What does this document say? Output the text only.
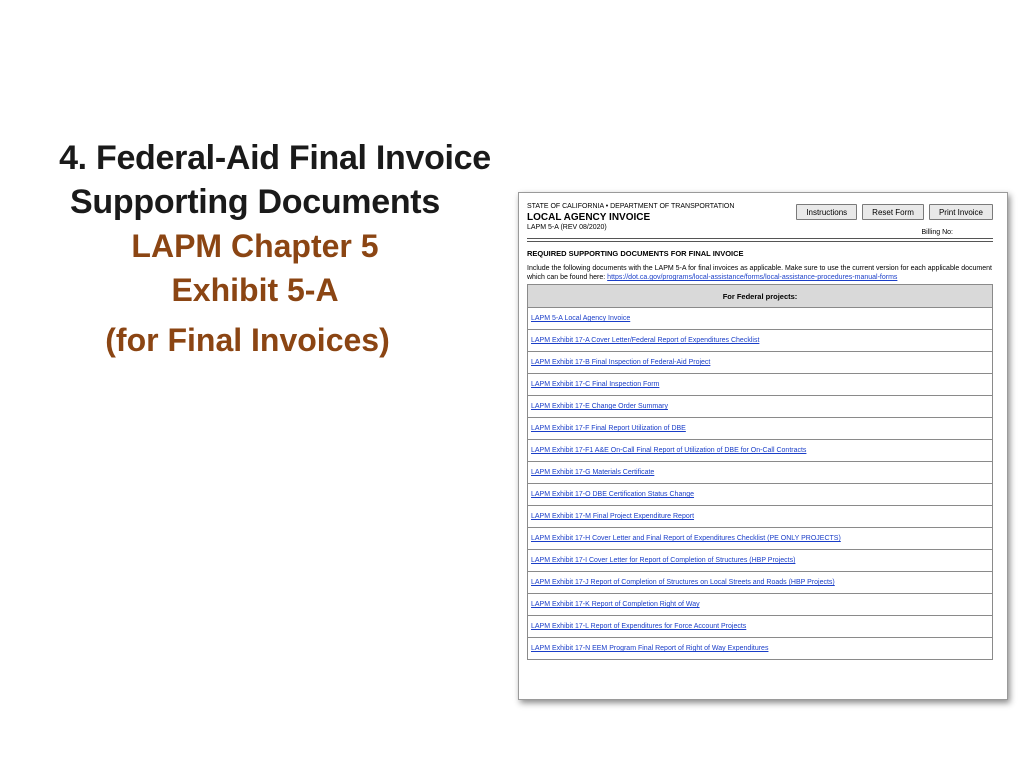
4. Federal-Aid Final Invoice
Supporting Documents
LAPM Chapter 5
Exhibit 5-A
(for Final Invoices)
STATE OF CALIFORNIA • DEPARTMENT OF TRANSPORTATION
LOCAL AGENCY INVOICE
LAPM 5-A (REV 08/2020)
Instructions	Reset Form	Print Invoice
Billing No:
REQUIRED SUPPORTING DOCUMENTS FOR FINAL INVOICE
Include the following documents with the LAPM 5-A for final invoices as applicable. Make sure to use the current version for each applicable document which can be found here: https://dot.ca.gov/programs/local-assistance/forms/local-assistance-procedures-manual-forms
For Federal projects:
LAPM 5-A Local Agency Invoice
LAPM Exhibit 17-A Cover Letter/Federal Report of Expenditures Checklist
LAPM Exhibit 17-B Final Inspection of Federal-Aid Project
LAPM Exhibit 17-C Final Inspection Form
LAPM Exhibit 17-E Change Order Summary
LAPM Exhibit 17-F Final Report Utilization of DBE
LAPM Exhibit 17-F1 A&E On-Call Final Report of Utilization of DBE for On-Call Contracts
LAPM Exhibit 17-G Materials Certificate
LAPM Exhibit 17-O DBE Certification Status Change
LAPM Exhibit 17-M Final Project Expenditure Report
LAPM Exhibit 17-H Cover Letter and Final Report of Expenditures Checklist (PE ONLY PROJECTS)
LAPM Exhibit 17-I Cover Letter for Report of Completion of Structures (HBP Projects)
LAPM Exhibit 17-J Report of Completion of Structures on Local Streets and Roads (HBP Projects)
LAPM Exhibit 17-K Report of Completion Right of Way
LAPM Exhibit 17-L Report of Expenditures for Force Account Projects
LAPM Exhibit 17-N EEM Program Final Report of Right of Way Expenditures
